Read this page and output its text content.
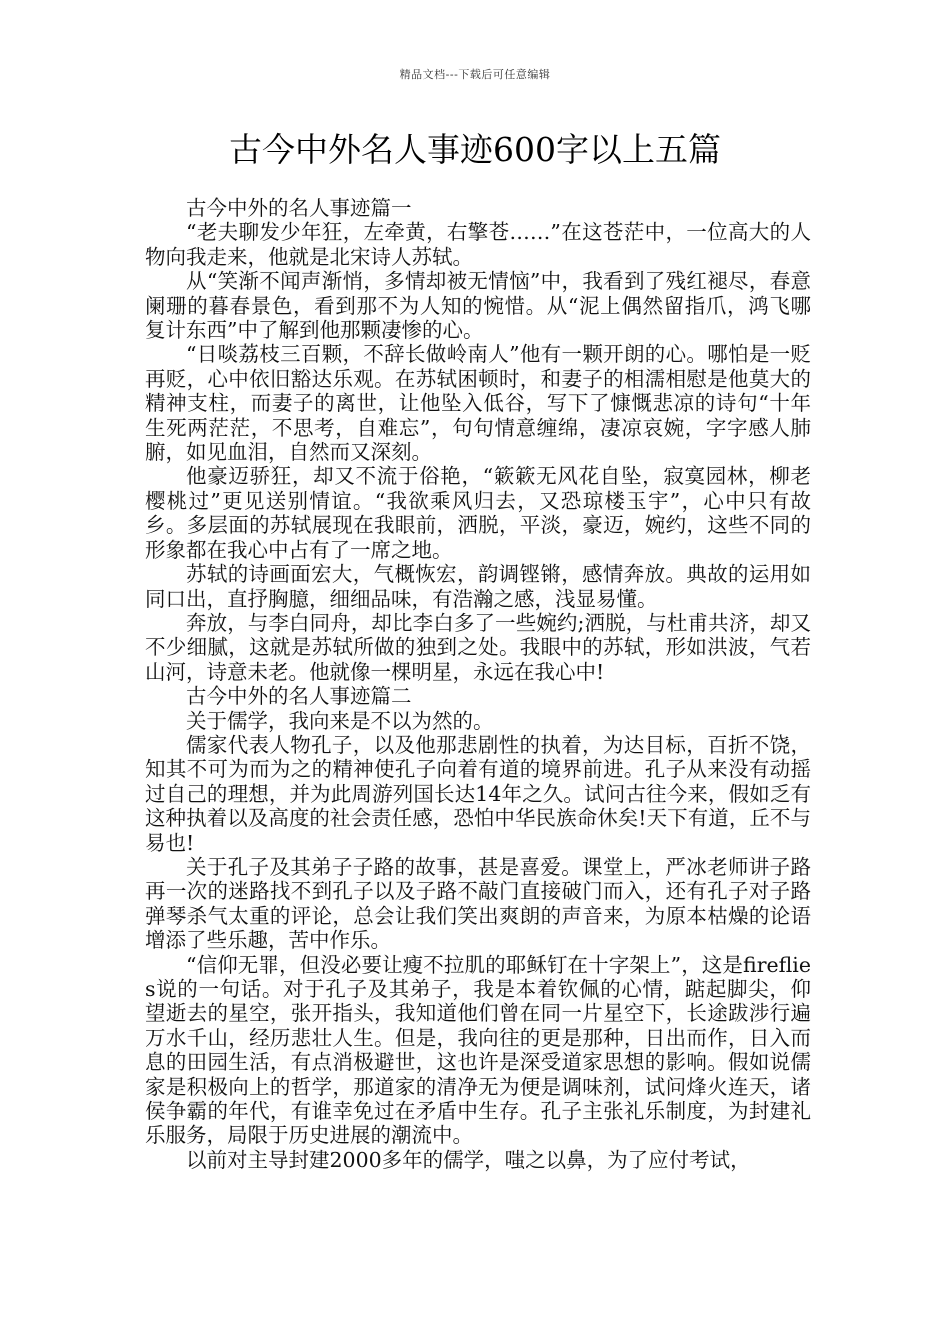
精品文档---下载后可任意编辑
古今中外名人事迹600字以上五篇

古今中外的名人事迹篇一

“老夫聊发少年狂，左牵黄，右擎苍……”在这苍茫中，一位高大的人物向我走来，他就是北宋诗人苏轼。

从“笑渐不闻声渐悄，多情却被无情恼”中，我看到了残红褪尽，春意阑珊的暮春景色，看到那不为人知的惋惜。从“泥上偶然留指爪，鸿飞哪复计东西”中了解到他那颗凄惨的心。

“日啖荔枝三百颗，不辞长做岭南人”他有一颗开朗的心。哪怕是一贬再贬，心中依旧豁达乐观。在苏轼困顿时，和妻子的相濡相慰是他莫大的精神支柱，而妻子的离世，让他坠入低谷，写下了慷慨悲凉的诗句“十年生死两茫茫，不思考，自难忘”，句句情意缠绵，凄凉哀婉，字字感人肺腑，如见血泪，自然而又深刻。

他豪迈骄狂，却又不流于俗艳，“簌簌无风花自坠，寂寞园林，柳老樱桃过”更见送别情谊。“我欲乘风归去，又恐琼楼玉宇”，心中只有故乡。多层面的苏轼展现在我眼前，洒脱，平淡，豪迈，婉约，这些不同的形象都在我心中占有了一席之地。

苏轼的诗画面宏大，气概恢宏，韵调铿锵，感情奔放。典故的运用如同口出，直抒胸臆，细细品味，有浩瀚之感，浅显易懂。

奔放，与李白同舟，却比李白多了一些婉约;洒脱，与杜甫共济，却又不少细腻，这就是苏轼所做的独到之处。我眼中的苏轼，形如洪波，气若山河，诗意未老。他就像一棵明星，永远在我心中!

古今中外的名人事迹篇二

关于儒学，我向来是不以为然的。

儒家代表人物孔子，以及他那悲剧性的执着，为达目标，百折不饶，知其不可为而为之的精神使孔子向着有道的境界前进。孔子从来没有动摇过自己的理想，并为此周游列国长达14年之久。试问古往今来，假如乏有这种执着以及高度的社会责任感，恐怕中华民族命休矣!天下有道，丘不与易也!

关于孔子及其弟子子路的故事，甚是喜爱。课堂上，严冰老师讲子路再一次的迷路找不到孔子以及子路不敲门直接破门而入，还有孔子对子路弹琴杀气太重的评论，总会让我们笑出爽朗的声音来，为原本枯燥的论语增添了些乐趣，苦中作乐。

“信仰无罪，但没必要让瘦不拉肌的耶稣钉在十字架上”，这是fireflies说的一句话。对于孔子及其弟子，我是本着钦佩的心情，踮起脚尖，仰望逝去的星空，张开指头，我知道他们曾在同一片星空下，长途跋涉行遍万水千山，经历悲壮人生。但是，我向往的更是那种，日出而作，日入而息的田园生活，有点消极避世，这也许是深受道家思想的影响。假如说儒家是积极向上的哲学，那道家的清净无为便是调味剂，试问烽火连天，诸侯争霸的年代，有谁幸免过在矛盾中生存。孔子主张礼乐制度，为封建礼乐服务，局限于历史进展的潮流中。

以前对主导封建2000多年的儒学，嗤之以鼻，为了应付考试，
